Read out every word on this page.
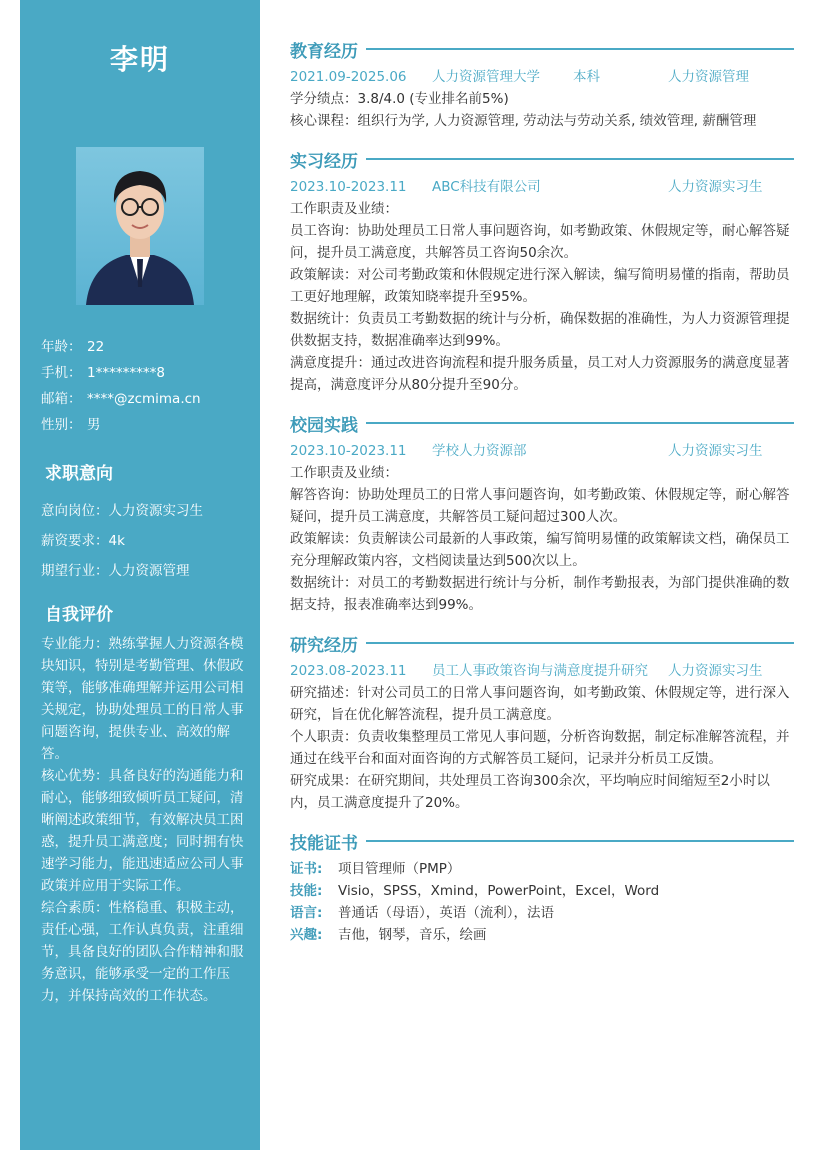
李明
年龄： 22
手机： 1*********8
邮箱： ****@zcmima.cn
性别： 男
求职意向
意向岗位：人力资源实习生
薪资要求：4k
期望行业：人力资源管理
自我评价
专业能力：熟练掌握人力资源各模块知识，特别是考勤管理、休假政策等，能够准确理解并运用公司相关规定，协助处理员工的日常人事问题咨询，提供专业、高效的解答。
核心优势：具备良好的沟通能力和耐心，能够细致倾听员工疑问，清晰阐述政策细节，有效解决员工困惑，提升员工满意度；同时拥有快速学习能力，能迅速适应公司人事政策并应用于实际工作。
综合素质：性格稳重、积极主动，责任心强，工作认真负责，注重细节，具备良好的团队合作精神和服务意识，能够承受一定的工作压力，并保持高效的工作状态。
教育经历
2021.09-2025.06 人力资源管理大学 本科	人力资源管理
学分绩点：3.8/4.0 (专业排名前5%)
核心课程：组织行为学, 人力资源管理, 劳动法与劳动关系, 绩效管理, 薪酬管理
实习经历
2023.10-2023.11 ABC科技有限公司	人力资源实习生
工作职责及业绩：
员工咨询：协助处理员工日常人事问题咨询，如考勤政策、休假规定等，耐心解答疑问，提升员工满意度，共解答员工咨询50余次。
政策解读：对公司考勤政策和休假规定进行深入解读，编写简明易懂的指南，帮助员工更好地理解，政策知晓率提升至95%。
数据统计：负责员工考勤数据的统计与分析，确保数据的准确性，为人力资源管理提供数据支持，数据准确率达到99%。
满意度提升：通过改进咨询流程和提升服务质量，员工对人力资源服务的满意度显著提高，满意度评分从80分提升至90分。
校园实践
2023.10-2023.11 学校人力资源部	人力资源实习生
工作职责及业绩：
解答咨询：协助处理员工的日常人事问题咨询，如考勤政策、休假规定等，耐心解答疑问，提升员工满意度，共解答员工疑问超过300人次。
政策解读：负责解读公司最新的人事政策，编写简明易懂的政策解读文档，确保员工充分理解政策内容，文档阅读量达到500次以上。
数据统计：对员工的考勤数据进行统计与分析，制作考勤报表，为部门提供准确的数据支持，报表准确率达到99%。
研究经历
2023.08-2023.11 员工人事政策咨询与满意度提升研究 人力资源实习生
研究描述：针对公司员工的日常人事问题咨询，如考勤政策、休假规定等，进行深入研究，旨在优化解答流程，提升员工满意度。
个人职责：负责收集整理员工常见人事问题，分析咨询数据，制定标准解答流程，并通过在线平台和面对面咨询的方式解答员工疑问，记录并分析员工反馈。
研究成果：在研究期间，共处理员工咨询300余次，平均响应时间缩短至2小时以内，员工满意度提升了20%。
技能证书
证书: 项目管理师（PMP）
技能: Visio，SPSS，Xmind，PowerPoint，Excel，Word
语言: 普通话（母语），英语（流利），法语
兴趣: 吉他，钢琴，音乐，绘画
